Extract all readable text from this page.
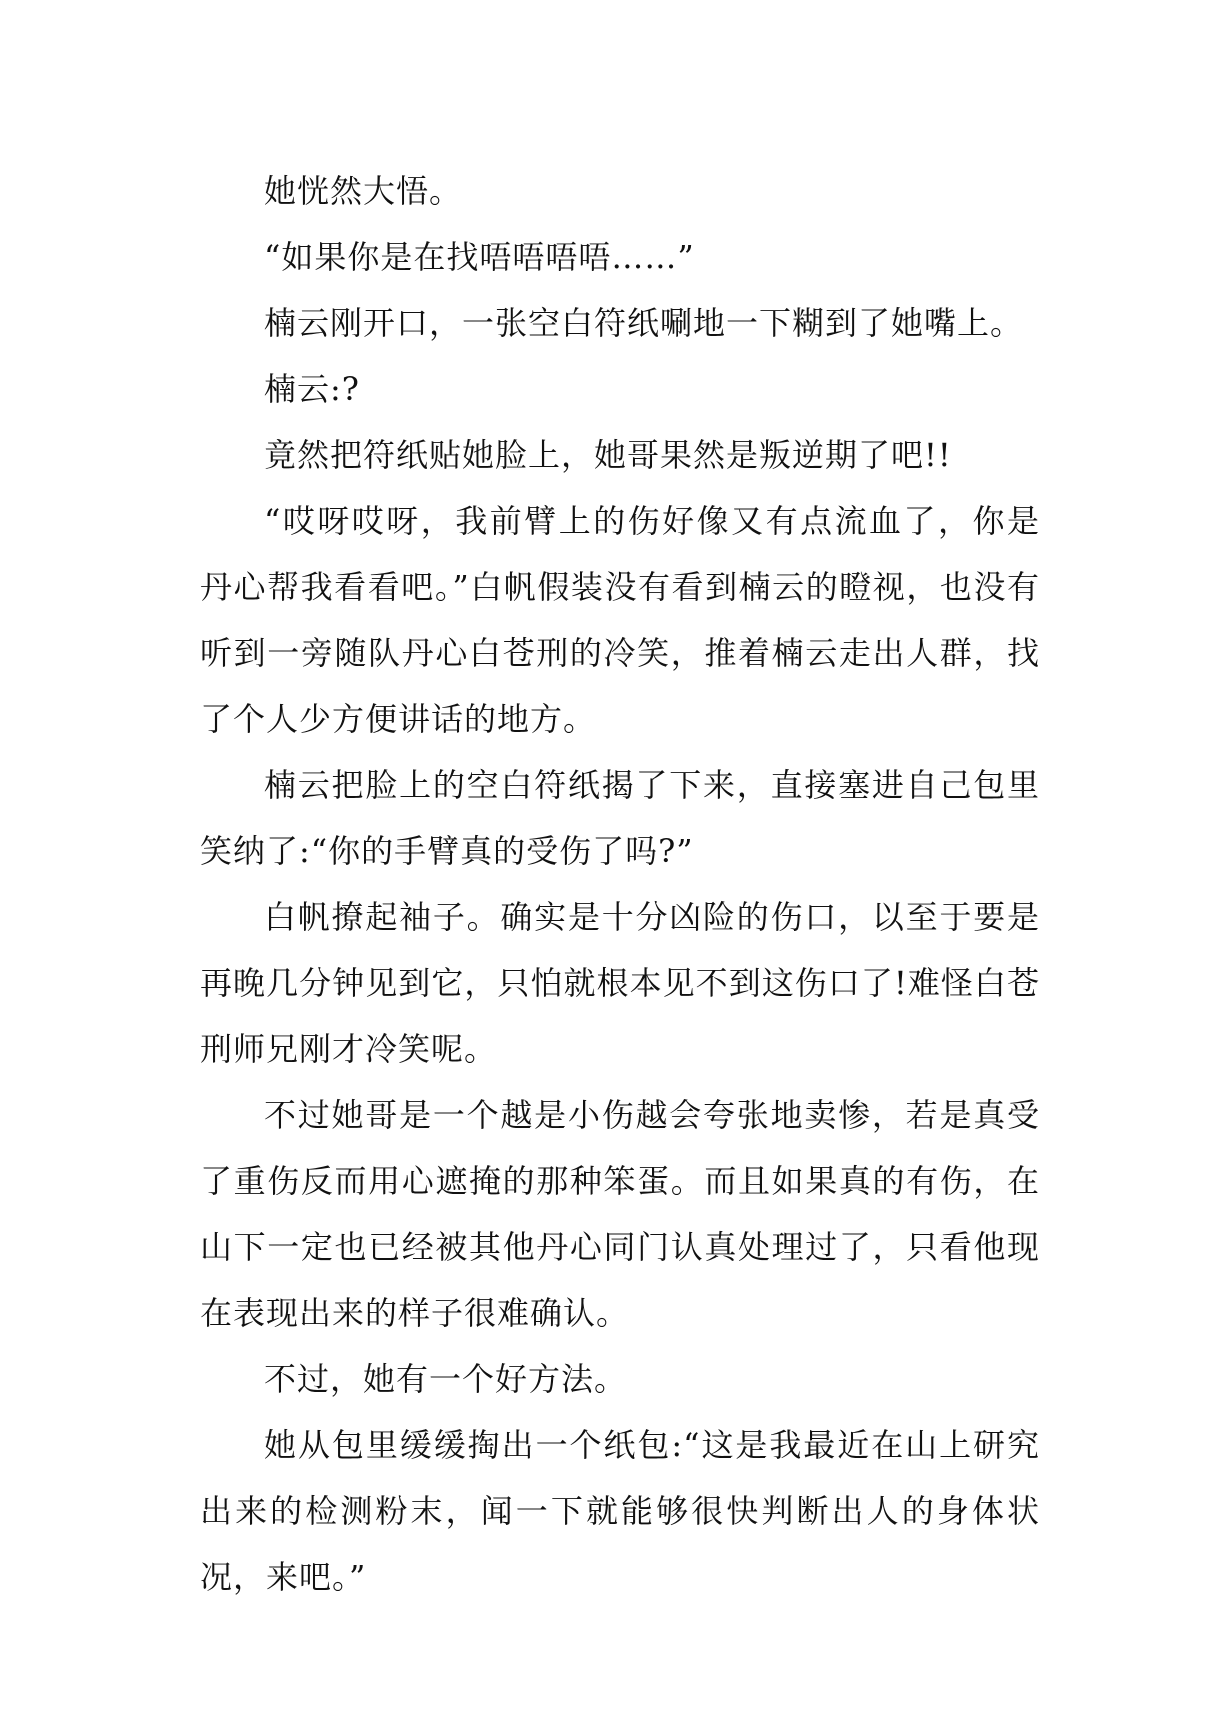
她恍然大悟。

“如果你是在找唔唔唔唔……”

楠云刚开口，一张空白符纸唰地一下糊到了她嘴上。

楠云:?

竟然把符纸贴她脸上，她哥果然是叛逆期了吧!!

“哎呀哎呀，我前臂上的伤好像又有点流血了，你是丹心帮我看看吧。”白帆假装没有看到楠云的瞪视，也没有听到一旁随队丹心白苍刑的冷笑，推着楠云走出人群，找了个人少方便讲话的地方。

楠云把脸上的空白符纸揭了下来，直接塞进自己包里笑纳了:“你的手臂真的受伤了吗?”

白帆撩起袖子。确实是十分凶险的伤口，以至于要是再晚几分钟见到它，只怕就根本见不到这伤口了!难怪白苍刑师兄刚才冷笑呢。

不过她哥是一个越是小伤越会夸张地卖惨，若是真受了重伤反而用心遮掩的那种笨蛋。而且如果真的有伤，在山下一定也已经被其他丹心同门认真处理过了，只看他现在表现出来的样子很难确认。

不过，她有一个好方法。

她从包里缓缓掏出一个纸包:“这是我最近在山上研究出来的检测粉末，闻一下就能够很快判断出人的身体状况，来吧。”
